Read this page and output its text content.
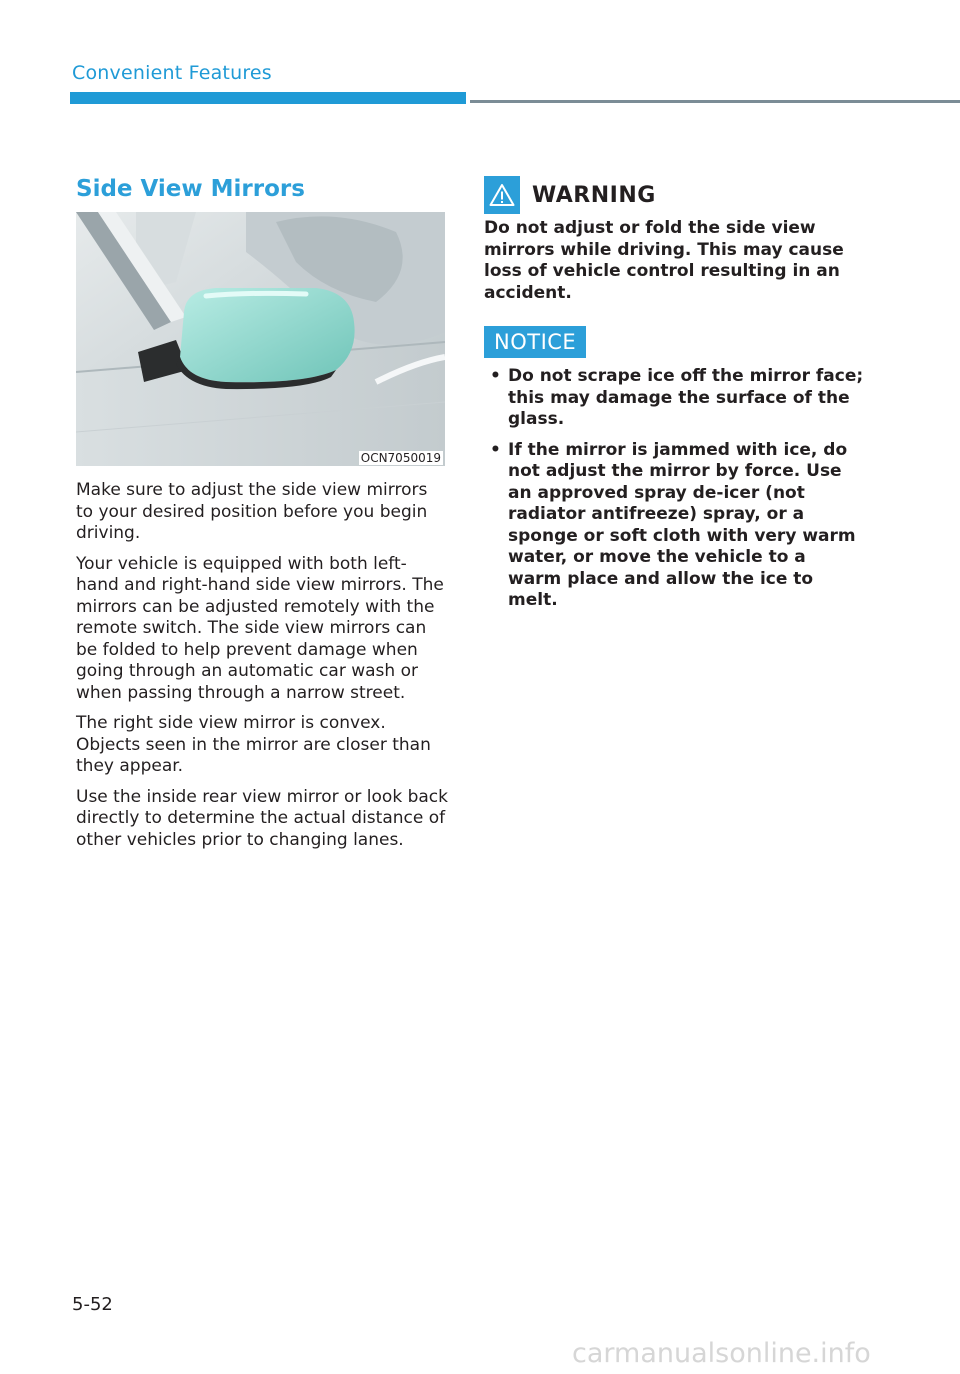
Convenient Features
Side View Mirrors
OCN7050019

Make sure to adjust the side view mirrors to your desired position before you begin driving.

Your vehicle is equipped with both left-hand and right-hand side view mirrors. The mirrors can be adjusted remotely with the remote switch. The side view mirrors can be folded to help prevent damage when going through an automatic car wash or when passing through a narrow street.

The right side view mirror is convex. Objects seen in the mirror are closer than they appear.

Use the inside rear view mirror or look back directly to determine the actual distance of other vehicles prior to changing lanes.

WARNING

Do not adjust or fold the side view mirrors while driving. This may cause loss of vehicle control resulting in an accident.

NOTICE
• Do not scrape ice off the mirror face; this may damage the surface of the glass.
• If the mirror is jammed with ice, do not adjust the mirror by force. Use an approved spray de-icer (not radiator antifreeze) spray, or a sponge or soft cloth with very warm water, or move the vehicle to a warm place and allow the ice to melt.
5-52
carmanualsonline.info
